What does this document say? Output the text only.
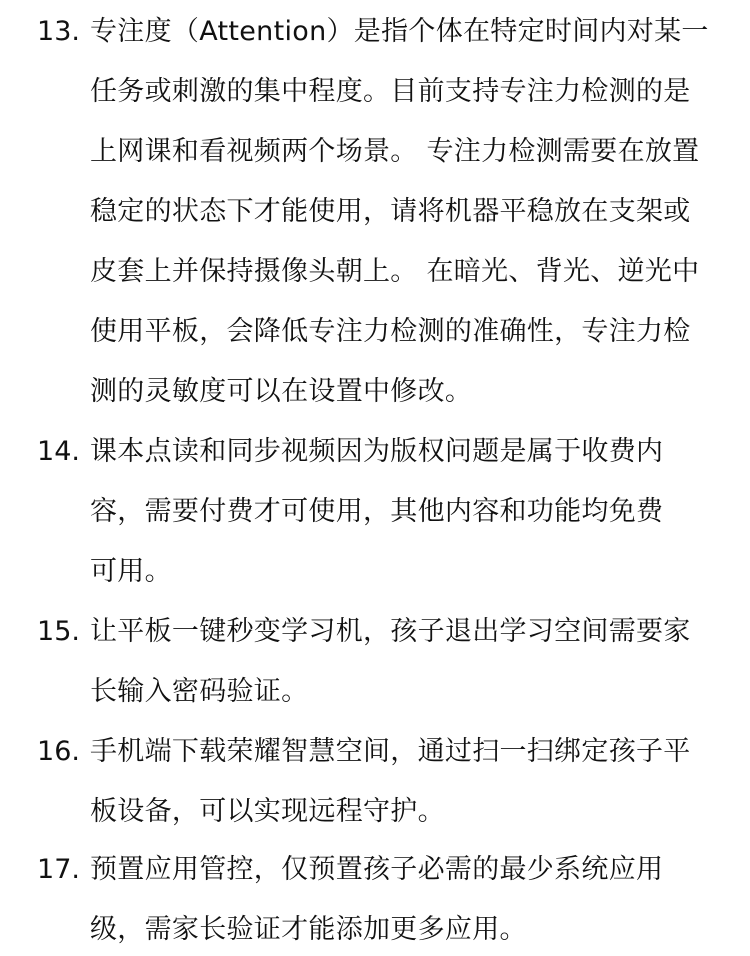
13. 专注度（Attention）是指个体在特定时间内对某一
任务或刺激的集中程度。目前支持专注力检测的是
上网课和看视频两个场景。 专注力检测需要在放置
稳定的状态下才能使用，请将机器平稳放在支架或
皮套上并保持摄像头朝上。 在暗光、背光、逆光中
使用平板，会降低专注力检测的准确性，专注力检
测的灵敏度可以在设置中修改。
14. 课本点读和同步视频因为版权问题是属于收费内
容，需要付费才可使用，其他内容和功能均免费
可用。
15. 让平板一键秒变学习机，孩子退出学习空间需要家
长输入密码验证。
16. 手机端下载荣耀智慧空间，通过扫一扫绑定孩子平
板设备，可以实现远程守护。
17. 预置应用管控，仅预置孩子必需的最少系统应用
级，需家长验证才能添加更多应用。
